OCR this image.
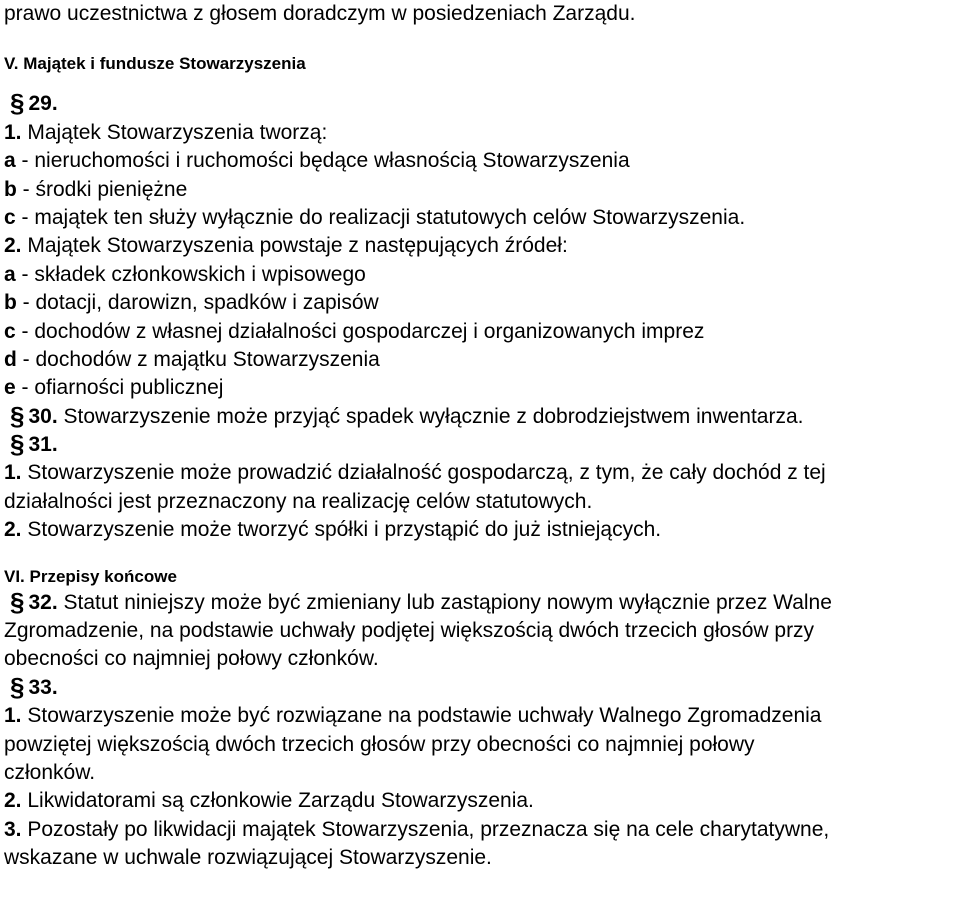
prawo uczestnictwa z głosem doradczym w posiedzeniach Zarządu.
V. Majątek i fundusze Stowarzyszenia
§ 29.
1. Majątek Stowarzyszenia tworzą:
a - nieruchomości i ruchomości będące własnością Stowarzyszenia
b - środki pieniężne
c - majątek ten służy wyłącznie do realizacji statutowych celów Stowarzyszenia.
2. Majątek Stowarzyszenia powstaje z następujących źródeł:
a - składek członkowskich i wpisowego
b - dotacji, darowizn, spadków i zapisów
c - dochodów z własnej działalności gospodarczej i organizowanych imprez
d - dochodów z majątku Stowarzyszenia
e - ofiarności publicznej
§ 30. Stowarzyszenie może przyjąć spadek wyłącznie z dobrodziejstwem inwentarza.
§ 31.
1. Stowarzyszenie może prowadzić działalność gospodarczą, z tym, że cały dochód z tej
działalności jest przeznaczony na realizację celów statutowych.
2. Stowarzyszenie może tworzyć spółki i przystąpić do już istniejących.
VI. Przepisy końcowe
§ 32. Statut niniejszy może być zmieniany lub zastąpiony nowym wyłącznie przez Walne
Zgromadzenie, na podstawie uchwały podjętej większością dwóch trzecich głosów przy
obecności co najmniej połowy członków.
§ 33.
1. Stowarzyszenie może być rozwiązane na podstawie uchwały Walnego Zgromadzenia
powziętej większością dwóch trzecich głosów przy obecności co najmniej połowy
członków.
2. Likwidatorami są członkowie Zarządu Stowarzyszenia.
3. Pozostały po likwidacji majątek Stowarzyszenia, przeznacza się na cele charytatywne,
wskazane w uchwale rozwiązującej Stowarzyszenie.
